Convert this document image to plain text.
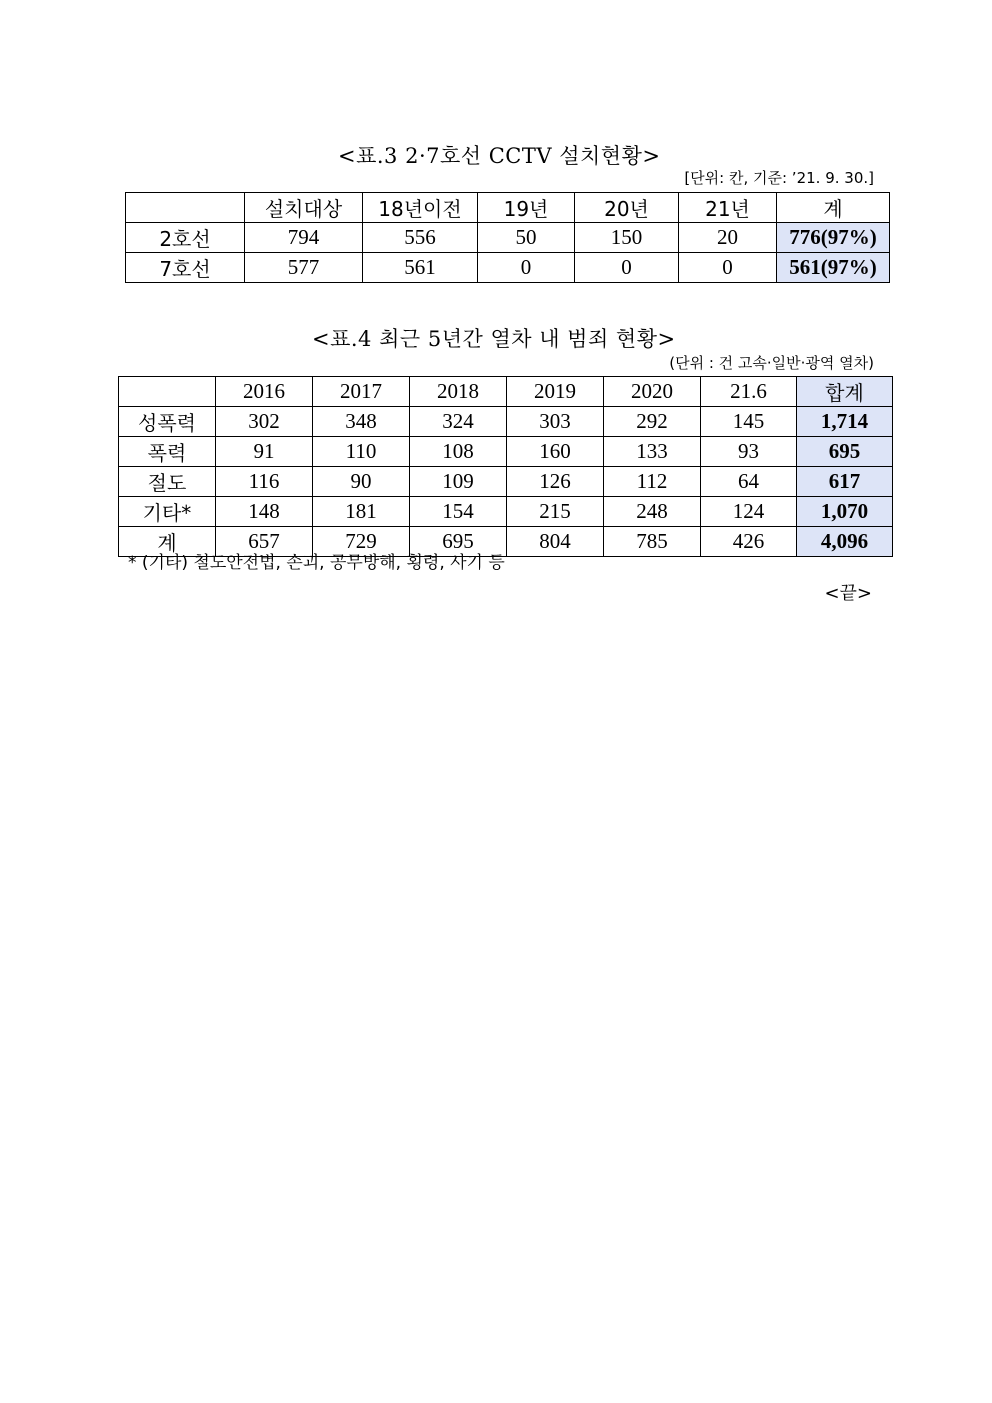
<표.3 2·7호선 CCTV 설치현황>
[단위: 칸, 기준: ’21. 9. 30.]
	설치대상	18년이전	19년	20년	21년	계
2호선	794	556	50	150	20	776(97%)
7호선	577	561	0	0	0	561(97%)
<표.4 최근 5년간 열차 내 범죄 현황>
(단위 : 건 고속·일반·광역 열차)
	2016	2017	2018	2019	2020	21.6	합계
성폭력	302	348	324	303	292	145	1,714
폭력	91	110	108	160	133	93	695
절도	116	90	109	126	112	64	617
기타*	148	181	154	215	248	124	1,070
계	657	729	695	804	785	426	4,096
* (기타) 철도안전법, 손괴, 공무방해, 횡령, 사기 등
<끝>
